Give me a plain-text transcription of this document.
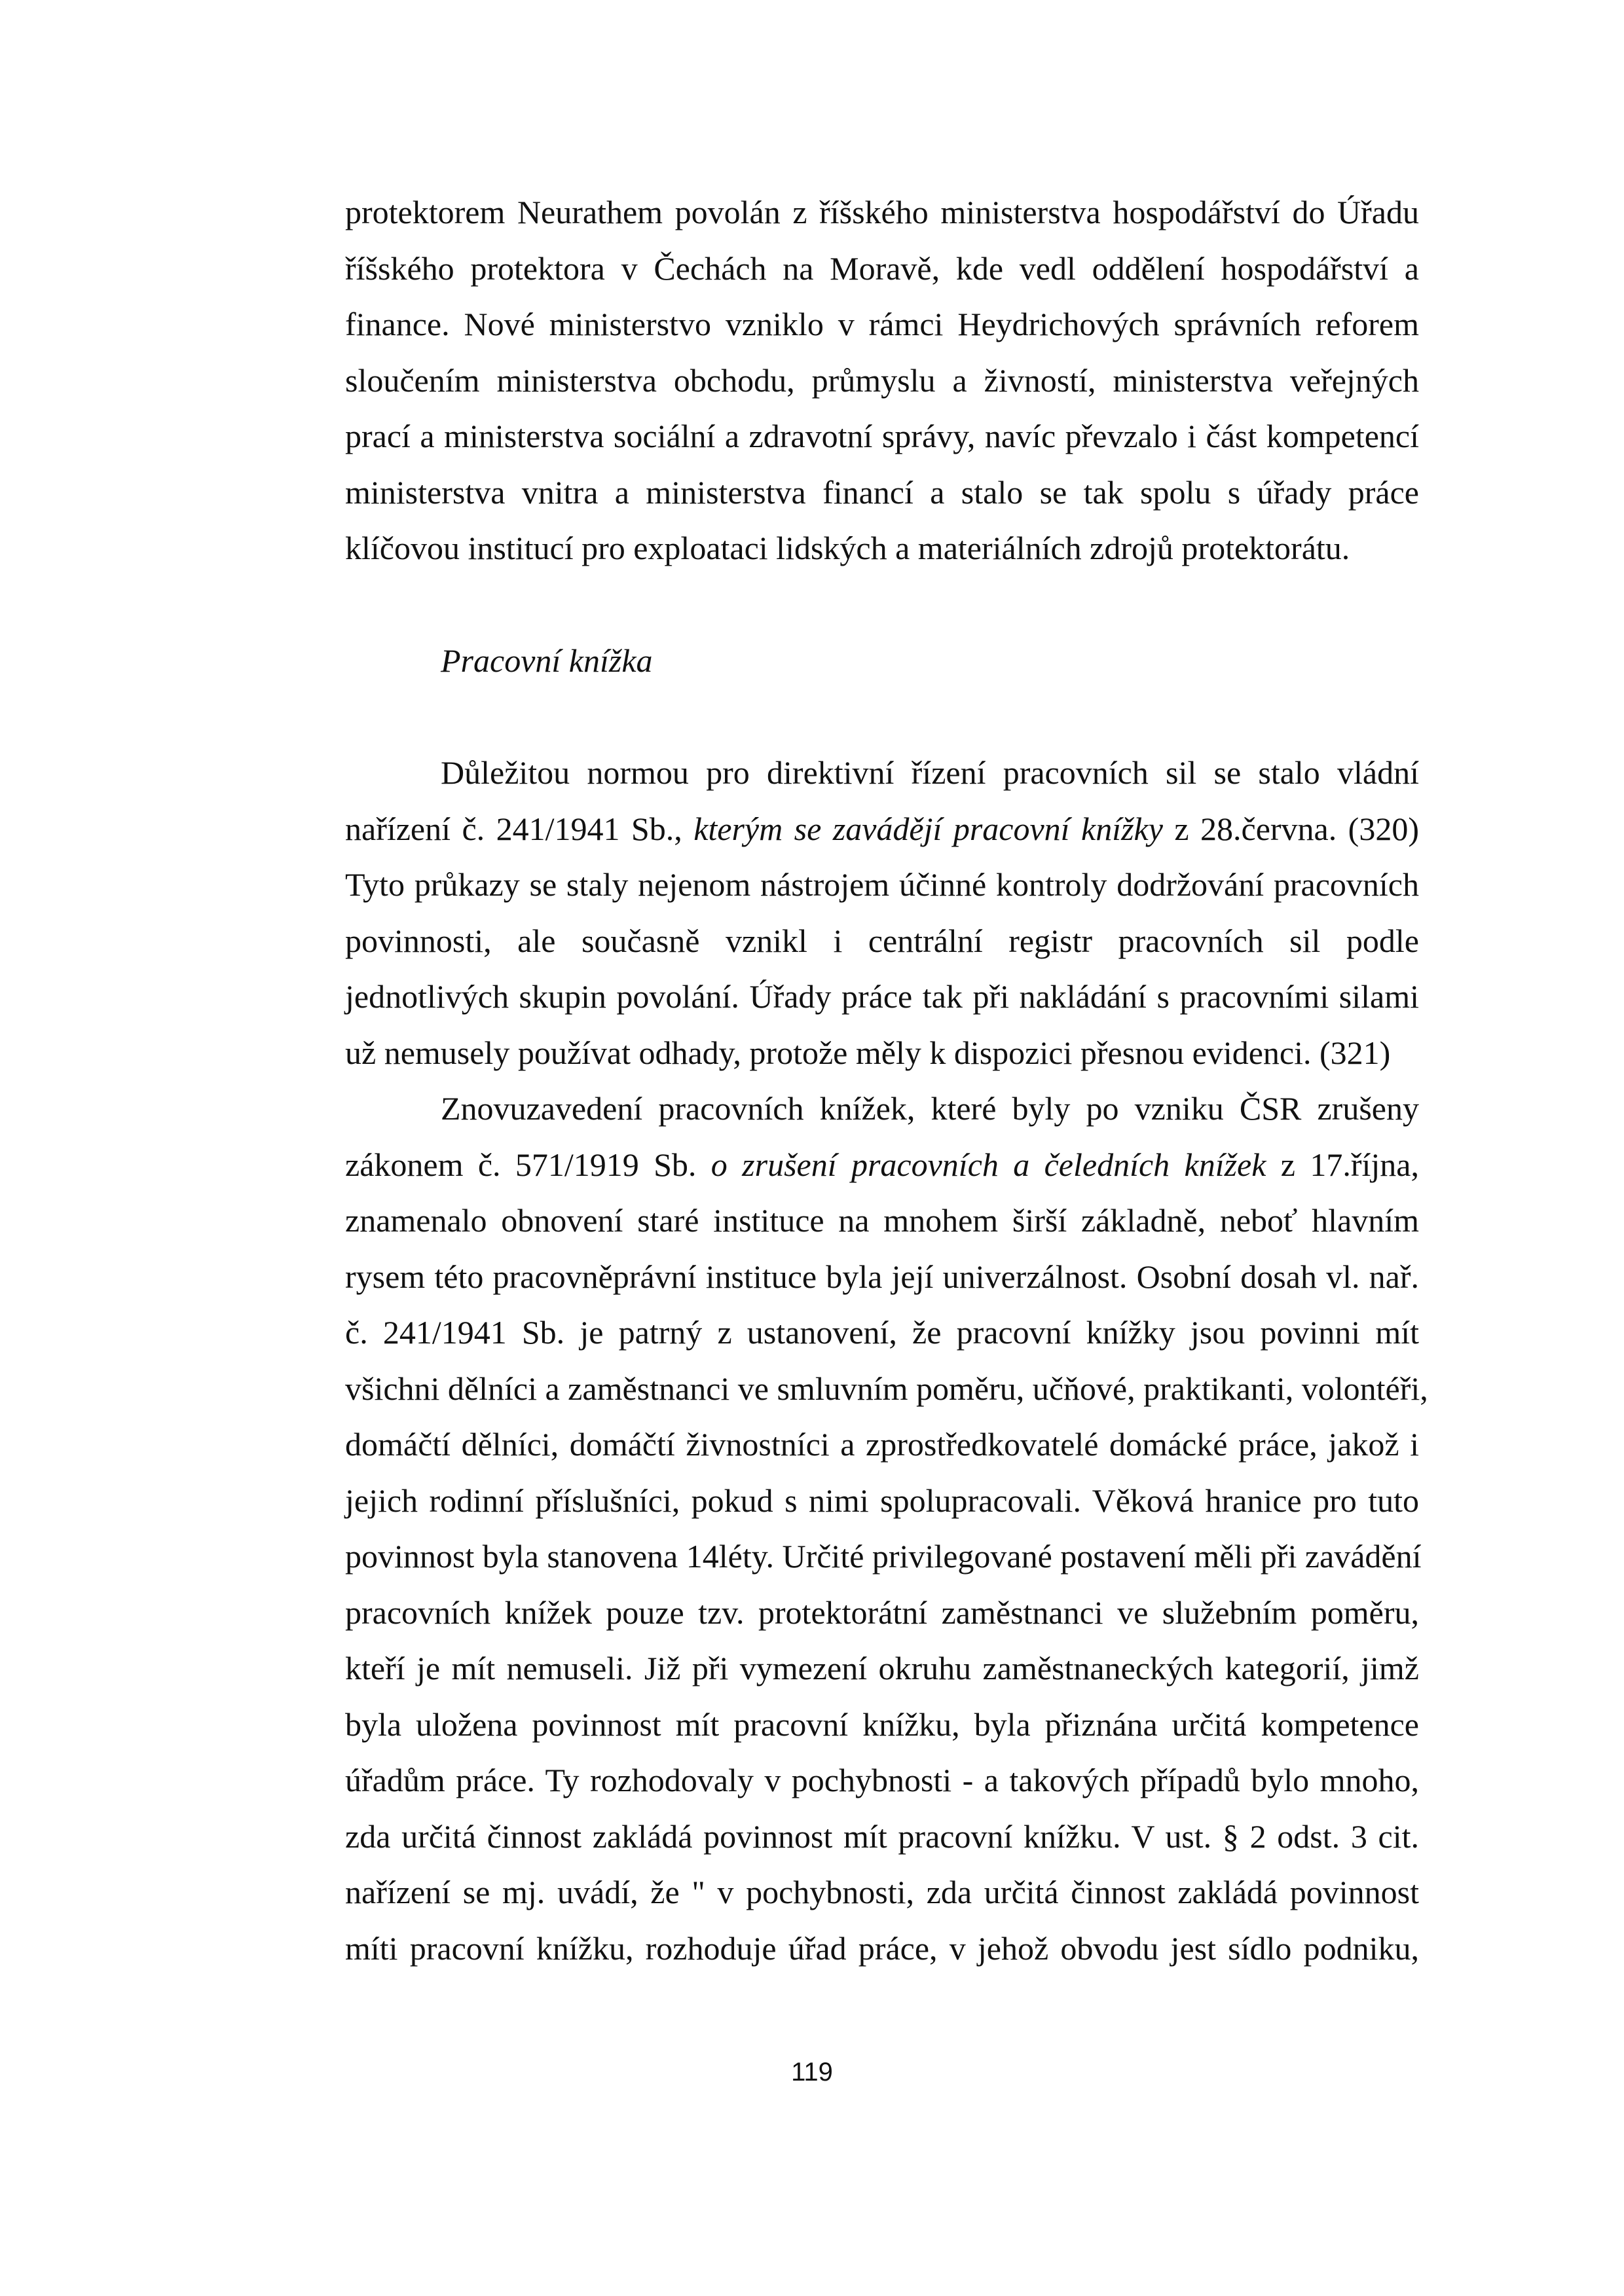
protektorem Neurathem povolán z říšského ministerstva hospodářství do Úřadu
říšského protektora v Čechách na Moravě, kde vedl oddělení hospodářství a
finance. Nové ministerstvo vzniklo v rámci Heydrichových správních reforem
sloučením ministerstva obchodu, průmyslu a živností, ministerstva veřejných
prací a ministerstva sociální a zdravotní správy, navíc převzalo i část kompetencí
ministerstva vnitra a ministerstva financí a stalo se tak spolu s úřady práce
klíčovou institucí pro exploataci lidských a materiálních zdrojů protektorátu.
Pracovní knížka
Důležitou normou pro direktivní řízení pracovních sil se stalo vládní
nařízení č. 241/1941 Sb., kterým se zavádějí pracovní knížky z 28.června. (320)
Tyto průkazy se staly nejenom nástrojem účinné kontroly dodržování pracovních
povinnosti, ale současně vznikl i centrální registr pracovních sil podle
jednotlivých skupin povolání. Úřady práce tak při nakládání s pracovními silami
už nemusely používat odhady, protože měly k dispozici přesnou evidenci. (321)
Znovuzavedení pracovních knížek, které byly po vzniku ČSR zrušeny
zákonem č. 571/1919 Sb. o zrušení pracovních a čeledních knížek z 17.října,
znamenalo obnovení staré instituce na mnohem širší základně, neboť hlavním
rysem této pracovněprávní instituce byla její univerzálnost. Osobní dosah vl. nař.
č. 241/1941 Sb. je patrný z ustanovení, že pracovní knížky jsou povinni mít
všichni dělníci a zaměstnanci ve smluvním poměru, učňové, praktikanti, volontéři,
domáčtí dělníci, domáčtí živnostníci a zprostředkovatelé domácké práce, jakož i
jejich rodinní příslušníci, pokud s nimi spolupracovali. Věková hranice pro tuto
povinnost byla stanovena 14léty. Určité privilegované postavení měli při zavádění
pracovních knížek pouze tzv. protektorátní zaměstnanci ve služebním poměru,
kteří je mít nemuseli. Již při vymezení okruhu zaměstnaneckých kategorií, jimž
byla uložena povinnost mít pracovní knížku, byla přiznána určitá kompetence
úřadům práce. Ty rozhodovaly v pochybnosti - a takových případů bylo mnoho,
zda určitá činnost zakládá povinnost mít pracovní knížku. V ust. § 2 odst. 3 cit.
nařízení se mj. uvádí, že " v pochybnosti, zda určitá činnost zakládá povinnost
míti pracovní knížku, rozhoduje úřad práce, v jehož obvodu jest sídlo podniku,
119
